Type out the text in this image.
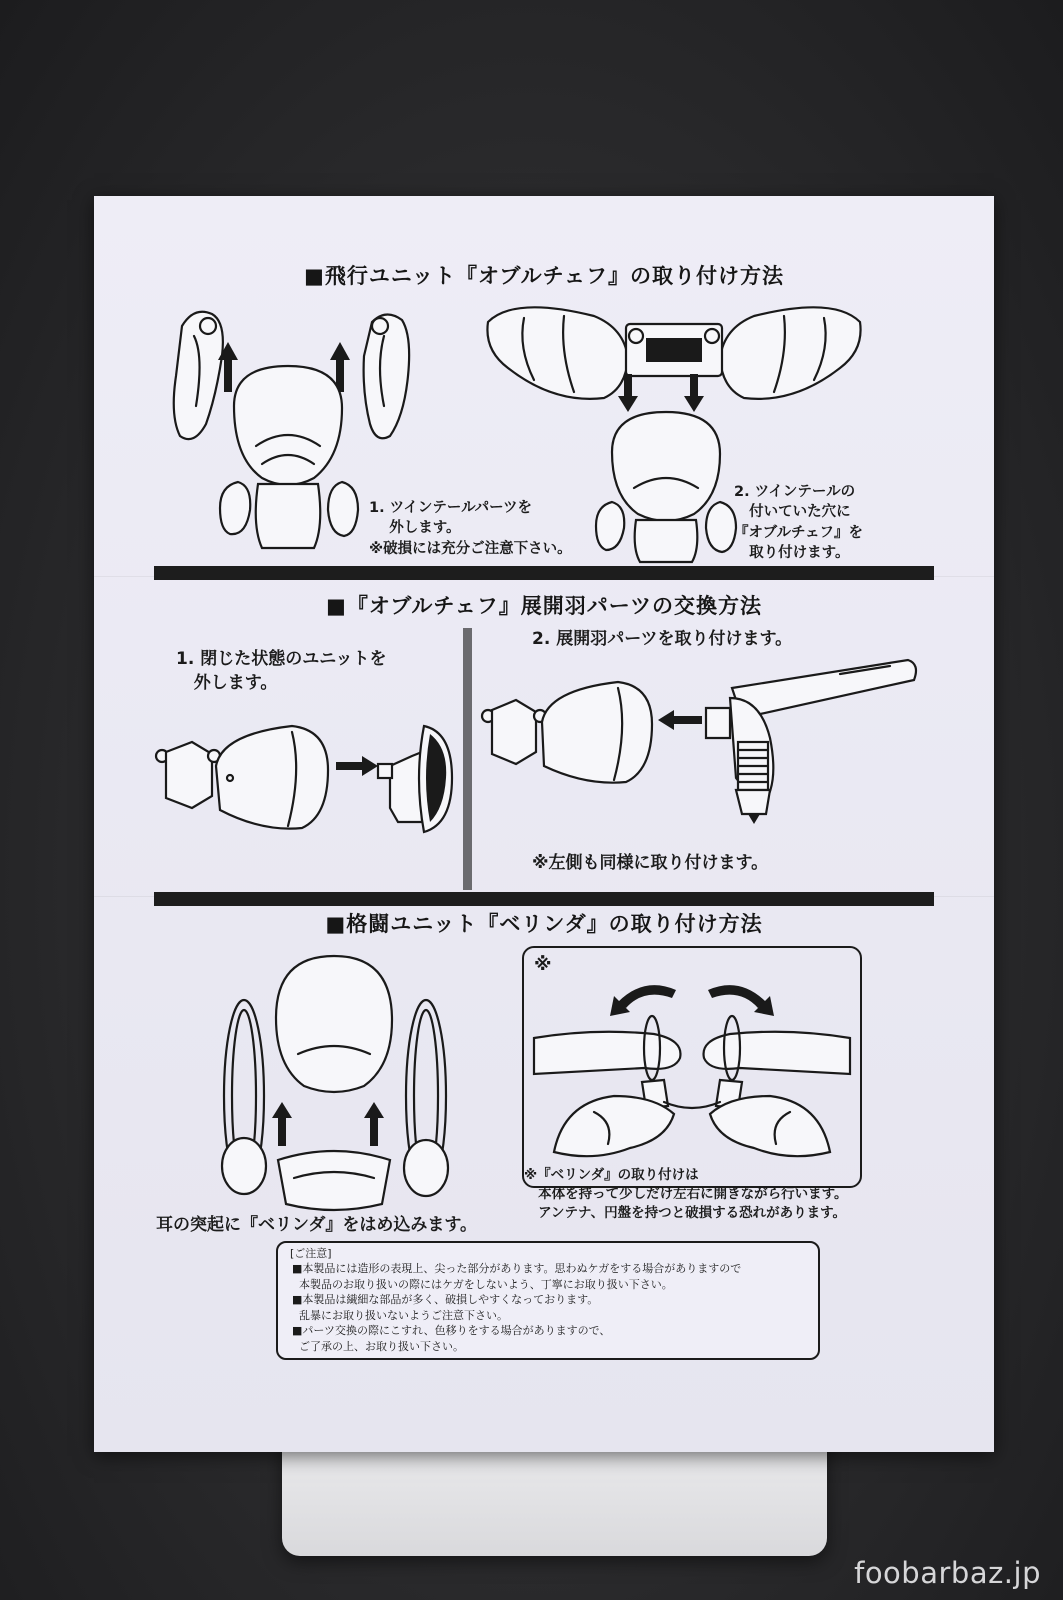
■飛行ユニット『オブルチェフ』の取り付け方法
1. ツインテールパーツを
外します。
※破損には充分ご注意下さい。
2. ツインテールの
付いていた穴に
『オブルチェフ』を
取り付けます。
■『オブルチェフ』展開羽パーツの交換方法
1. 閉じた状態のユニットを
外します。
2. 展開羽パーツを取り付けます。
※左側も同様に取り付けます。
■格闘ユニット『ベリンダ』の取り付け方法
耳の突起に『ベリンダ』をはめ込みます。
※
※『ベリンダ』の取り付けは
本体を持って少しだけ左右に開きながら行います。
アンテナ、円盤を持つと破損する恐れがあります。
[ご注意]
■本製品には造形の表現上、尖った部分があります。思わぬケガをする場合がありますので
本製品のお取り扱いの際にはケガをしないよう、丁寧にお取り扱い下さい。
■本製品は繊細な部品が多く、破損しやすくなっております。
乱暴にお取り扱いないようご注意下さい。
■パーツ交換の際にこすれ、色移りをする場合がありますので、
ご了承の上、お取り扱い下さい。
foobarbaz.jp
